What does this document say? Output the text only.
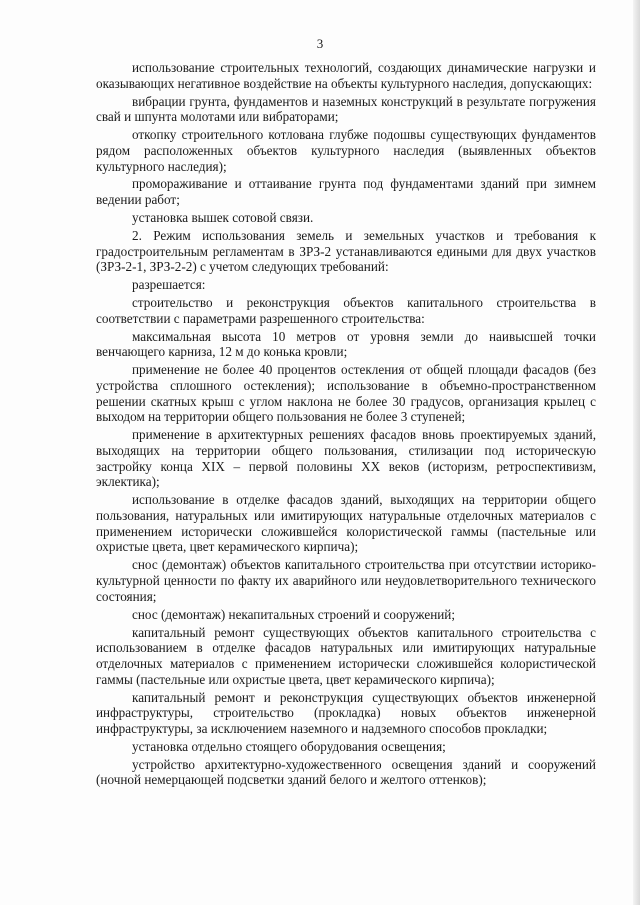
3

использование строительных технологий, создающих динамические нагрузки и оказывающих негативное воздействие на объекты культурного наследия, допускающих:

вибрации грунта, фундаментов и наземных конструкций в результате погружения свай и шпунта молотами или вибраторами;

откопку строительного котлована глубже подошвы существующих фундаментов рядом расположенных объектов культурного наследия (выявленных объектов культурного наследия);

промораживание и оттаивание грунта под фундаментами зданий при зимнем ведении работ;

установка вышек сотовой связи.

2. Режим использования земель и земельных участков и требования к градостроительным регламентам в ЗРЗ-2 устанавливаются едиными для двух участков (ЗРЗ-2-1, ЗРЗ-2-2) с учетом следующих требований:

разрешается:

строительство и реконструкция объектов капитального строительства в соответствии с параметрами разрешенного строительства:

максимальная высота 10 метров от уровня земли до наивысшей точки венчающего карниза, 12 м до конька кровли;

применение не более 40 процентов остекления от общей площади фасадов (без устройства сплошного остекления); использование в объемно-пространственном решении скатных крыш с углом наклона не более 30 градусов, организация крылец с выходом на территории общего пользования не более 3 ступеней;

применение в архитектурных решениях фасадов вновь проектируемых зданий, выходящих на территории общего пользования, стилизации под историческую застройку конца XIX – первой половины XX веков (историзм, ретроспективизм, эклектика);

использование в отделке фасадов зданий, выходящих на территории общего пользования, натуральных или имитирующих натуральные отделочных материалов с применением исторически сложившейся колористической гаммы (пастельные или охристые цвета, цвет керамического кирпича);

снос (демонтаж) объектов капитального строительства при отсутствии историко-культурной ценности по факту их аварийного или неудовлетворительного технического состояния;

снос (демонтаж) некапитальных строений и сооружений;

капитальный ремонт существующих объектов капитального строительства с использованием в отделке фасадов натуральных или имитирующих натуральные отделочных материалов с применением исторически сложившейся колористической гаммы (пастельные или охристые цвета, цвет керамического кирпича);

капитальный ремонт и реконструкция существующих объектов инженерной инфраструктуры, строительство (прокладка) новых объектов инженерной инфраструктуры, за исключением наземного и надземного способов прокладки;

установка отдельно стоящего оборудования освещения;

устройство архитектурно-художественного освещения зданий и сооружений (ночной немерцающей подсветки зданий белого и желтого оттенков);
